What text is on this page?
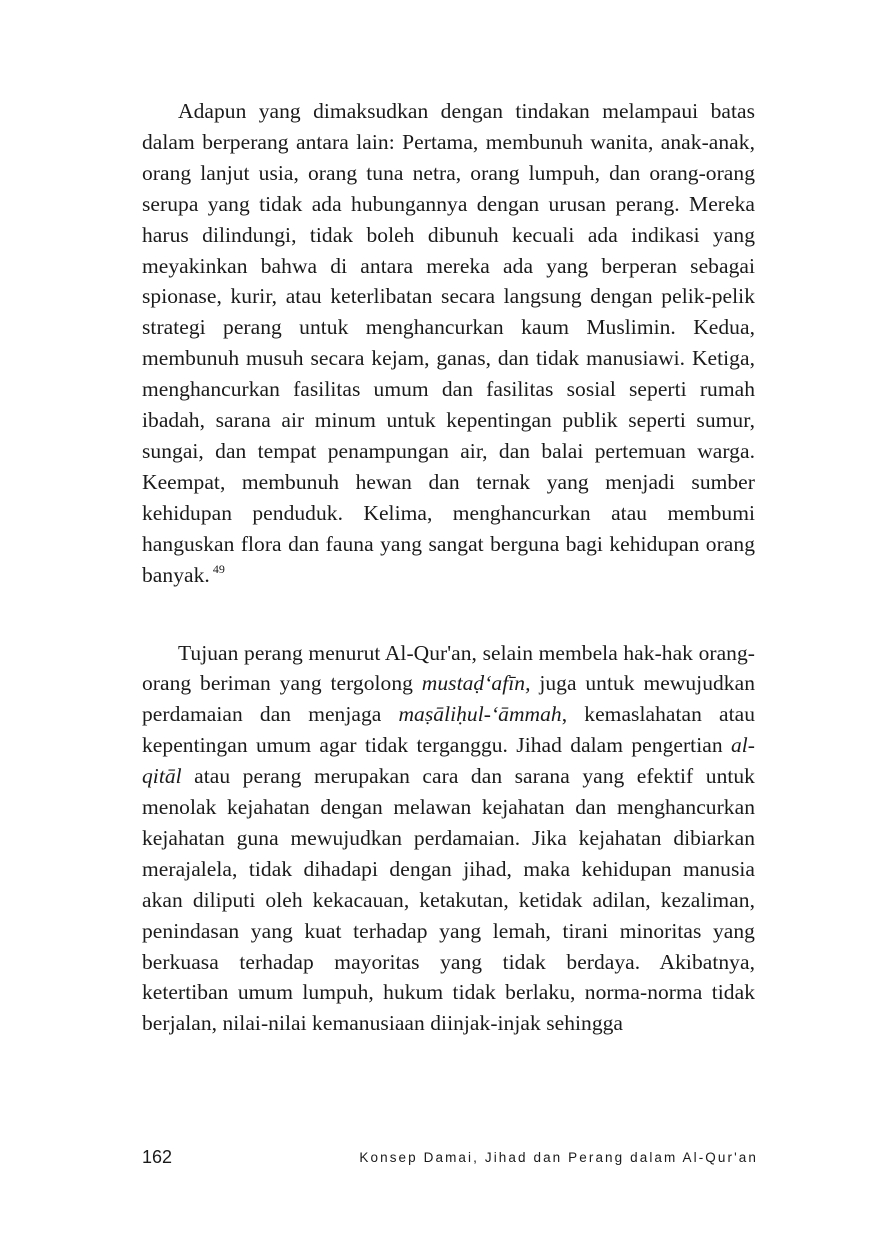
Adapun yang dimaksudkan dengan tindakan melampaui batas dalam berperang antara lain: Pertama, membunuh wanita, anak-anak, orang lanjut usia, orang tuna netra, orang lumpuh, dan orang-orang serupa yang tidak ada hubungannya dengan urusan perang. Mereka harus dilindungi, tidak boleh dibunuh kecuali ada indikasi yang meyakinkan bahwa di antara mereka ada yang berperan sebagai spionase, kurir, atau keterlibatan secara langsung dengan pelik-pelik strategi perang untuk menghancurkan kaum Muslimin. Kedua, membunuh musuh secara kejam, ganas, dan tidak manusiawi. Ketiga, menghancurkan fasilitas umum dan fasilitas sosial seperti rumah ibadah, sarana air minum untuk kepentingan publik seperti sumur, sungai, dan tempat penampungan air, dan balai pertemuan warga. Keempat, membunuh hewan dan ternak yang menjadi sumber kehidupan penduduk. Kelima, menghancurkan atau membumi hanguskan flora dan fauna yang sangat berguna bagi kehidupan orang banyak. $^{49}$

Tujuan perang menurut Al-Qur'an, selain membela hak-hak orang-orang beriman yang tergolong mustaḍʻafīn, juga untuk mewujudkan perdamaian dan menjaga maṣāliḥul-ʻāmmah, kemaslahatan atau kepentingan umum agar tidak terganggu. Jihad dalam pengertian al-qitāl atau perang merupakan cara dan sarana yang efektif untuk menolak kejahatan dengan melawan kejahatan dan menghancurkan kejahatan guna mewujudkan perdamaian. Jika kejahatan dibiarkan merajalela, tidak dihadapi dengan jihad, maka kehidupan manusia akan diliputi oleh kekacauan, ketakutan, ketidak adilan, kezaliman, penindasan yang kuat terhadap yang lemah, tirani minoritas yang berkuasa terhadap mayoritas yang tidak berdaya. Akibatnya, ketertiban umum lumpuh, hukum tidak berlaku, norma-norma tidak berjalan, nilai-nilai kemanusiaan diinjak-injak sehingga

162	Konsep Damai, Jihad dan Perang dalam Al-Qur'an
